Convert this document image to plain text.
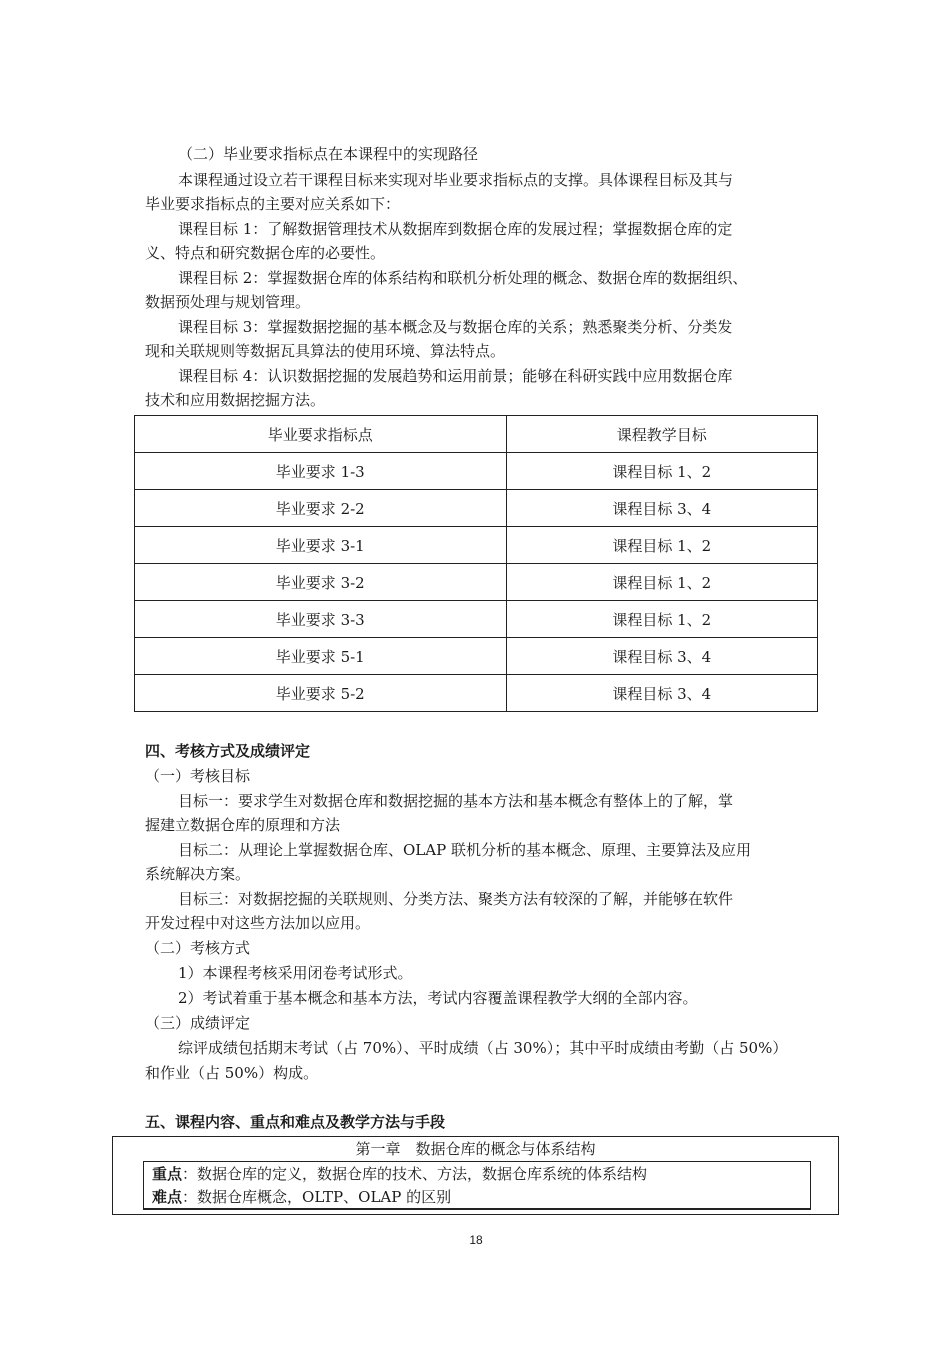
（二）毕业要求指标点在本课程中的实现路径
本课程通过设立若干课程目标来实现对毕业要求指标点的支撑。具体课程目标及其与
毕业要求指标点的主要对应关系如下：
课程目标 1：了解数据管理技术从数据库到数据仓库的发展过程；掌握数据仓库的定
义、特点和研究数据仓库的必要性。
课程目标 2：掌握数据仓库的体系结构和联机分析处理的概念、数据仓库的数据组织、
数据预处理与规划管理。
课程目标 3：掌握数据挖掘的基本概念及与数据仓库的关系；熟悉聚类分析、分类发
现和关联规则等数据瓦具算法的使用环境、算法特点。
课程目标 4：认识数据挖掘的发展趋势和运用前景；能够在科研实践中应用数据仓库
技术和应用数据挖掘方法。
毕业要求指标点	课程教学目标
毕业要求 1-3	课程目标 1、2
毕业要求 2-2	课程目标 3、4
毕业要求 3-1	课程目标 1、2
毕业要求 3-2	课程目标 1、2
毕业要求 3-3	课程目标 1、2
毕业要求 5-1	课程目标 3、4
毕业要求 5-2	课程目标 3、4
四、考核方式及成绩评定
（一）考核目标
目标一：要求学生对数据仓库和数据挖掘的基本方法和基本概念有整体上的了解，掌
握建立数据仓库的原理和方法
目标二：从理论上掌握数据仓库、OLAP 联机分析的基本概念、原理、主要算法及应用
系统解决方案。
目标三：对数据挖掘的关联规则、分类方法、聚类方法有较深的了解，并能够在软件
开发过程中对这些方法加以应用。
（二）考核方式
1）本课程考核采用闭卷考试形式。
2）考试着重于基本概念和基本方法，考试内容覆盖课程教学大纲的全部内容。
（三）成绩评定
综评成绩包括期末考试（占 70%）、平时成绩（占 30%）；其中平时成绩由考勤（占 50%）
和作业（占 50%）构成。
五、课程内容、重点和难点及教学方法与手段
第一章　数据仓库的概念与体系结构
重点：数据仓库的定义，数据仓库的技术、方法，数据仓库系统的体系结构
难点：数据仓库概念，OLTP、OLAP 的区别
18
